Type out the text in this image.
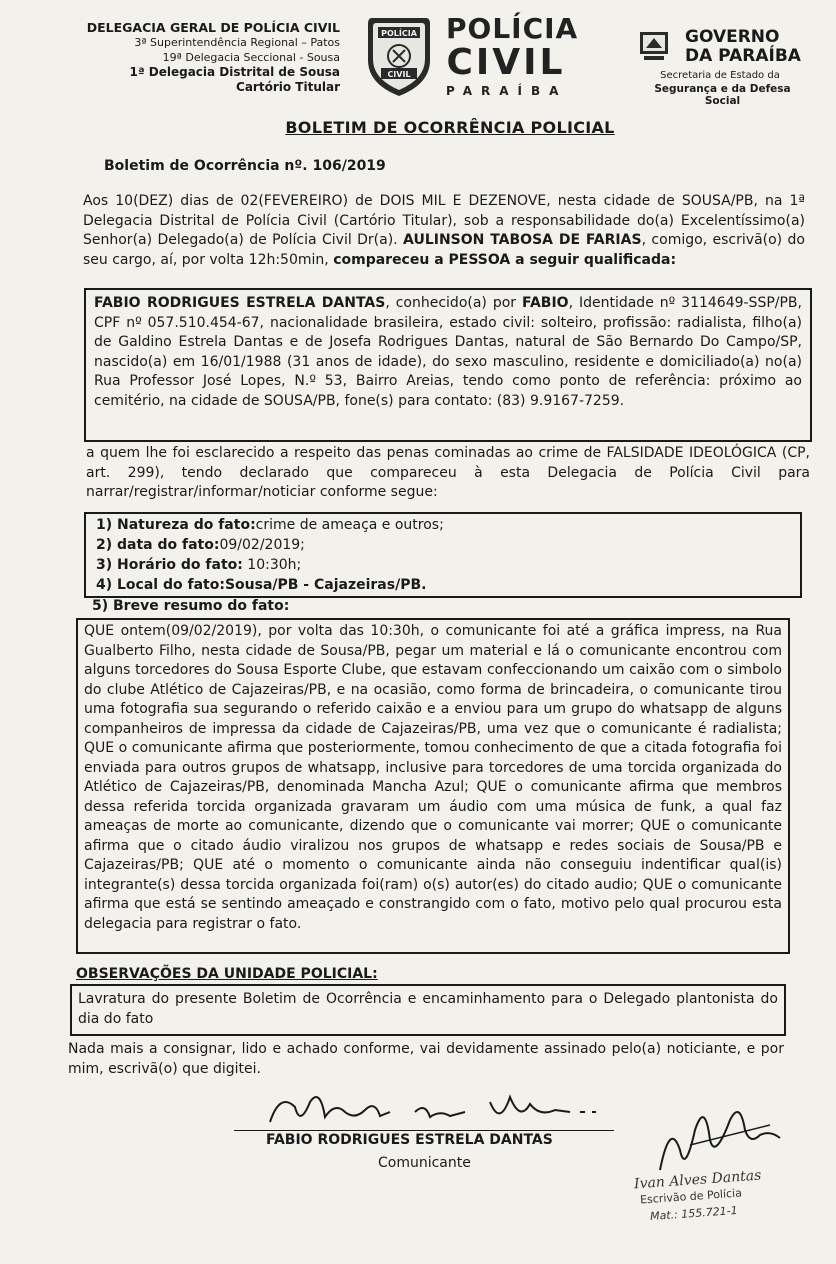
DELEGACIA GERAL DE POLÍCIA CIVIL
3ª Superintendência Regional – Patos
19ª Delegacia Seccional - Sousa
1ª Delegacia Distrital de Sousa
Cartório Titular
POLÍCIA
CIVIL
POLÍCIA
CIVIL
PARAÍBA
GOVERNO
DA PARAÍBA
Secretaria de Estado da
Segurança e da Defesa Social
BOLETIM DE OCORRÊNCIA POLICIAL
Boletim de Ocorrência nº. 106/2019
Aos 10(DEZ) dias de 02(FEVEREIRO) de DOIS MIL E DEZENOVE, nesta cidade de SOUSA/PB, na 1ª Delegacia Distrital de Polícia Civil (Cartório Titular), sob a responsabilidade do(a) Excelentíssimo(a) Senhor(a) Delegado(a) de Polícia Civil Dr(a). AULINSON TABOSA DE FARIAS, comigo, escrivã(o) do seu cargo, aí, por volta 12h:50min, compareceu a PESSOA a seguir qualificada:
FABIO RODRIGUES ESTRELA DANTAS, conhecido(a) por FABIO, Identidade nº 3114649-SSP/PB, CPF nº 057.510.454-67, nacionalidade brasileira, estado civil: solteiro, profissão: radialista, filho(a) de Galdino Estrela Dantas e de Josefa Rodrigues Dantas, natural de São Bernardo Do Campo/SP, nascido(a) em 16/01/1988 (31 anos de idade), do sexo masculino, residente e domiciliado(a) no(a) Rua Professor José Lopes, N.º 53, Bairro Areias, tendo como ponto de referência: próximo ao cemitério, na cidade de SOUSA/PB, fone(s) para contato: (83) 9.9167-7259.
a quem lhe foi esclarecido a respeito das penas cominadas ao crime de FALSIDADE IDEOLÓGICA (CP, art. 299), tendo declarado que compareceu à esta Delegacia de Polícia Civil para narrar/registrar/informar/noticiar conforme segue:
1) Natureza do fato:crime de ameaça e outros;
2) data do fato:09/02/2019;
3) Horário do fato: 10:30h;
4) Local do fato:Sousa/PB - Cajazeiras/PB.
5) Breve resumo do fato:
QUE ontem(09/02/2019), por volta das 10:30h, o comunicante foi até a gráfica impress, na Rua Gualberto Filho, nesta cidade de Sousa/PB, pegar um material e lá o comunicante encontrou com alguns torcedores do Sousa Esporte Clube, que estavam confeccionando um caixão com o simbolo do clube Atlético de Cajazeiras/PB, e na ocasião, como forma de brincadeira, o comunicante tirou uma fotografia sua segurando o referido caixão e a enviou para um grupo do whatsapp de alguns companheiros de impressa da cidade de Cajazeiras/PB, uma vez que o comunicante é radialista; QUE o comunicante afirma que posteriormente, tomou conhecimento de que a citada fotografia foi enviada para outros grupos de whatsapp, inclusive para torcedores de uma torcida organizada do Atlético de Cajazeiras/PB, denominada Mancha Azul; QUE o comunicante afirma que membros dessa referida torcida organizada gravaram um áudio com uma música de funk, a qual faz ameaças de morte ao comunicante, dizendo que o comunicante vai morrer; QUE o comunicante afirma que o citado áudio viralizou nos grupos de whatsapp e redes sociais de Sousa/PB e Cajazeiras/PB; QUE até o momento o comunicante ainda não conseguiu indentificar qual(is) integrante(s) dessa torcida organizada foi(ram) o(s) autor(es) do citado audio; QUE o comunicante afirma que está se sentindo ameaçado e constrangido com o fato, motivo pelo qual procurou esta delegacia para registrar o fato.
OBSERVAÇÕES DA UNIDADE POLICIAL:
Lavratura do presente Boletim de Ocorrência e encaminhamento para o Delegado plantonista do dia do fato
Nada mais a consignar, lido e achado conforme, vai devidamente assinado pelo(a) noticiante, e por mim, escrivã(o) que digitei.
FABIO RODRIGUES ESTRELA DANTAS
Comunicante
Ivan Alves Dantas
Escrivão de Polícia
Mat.: 155.721-1
